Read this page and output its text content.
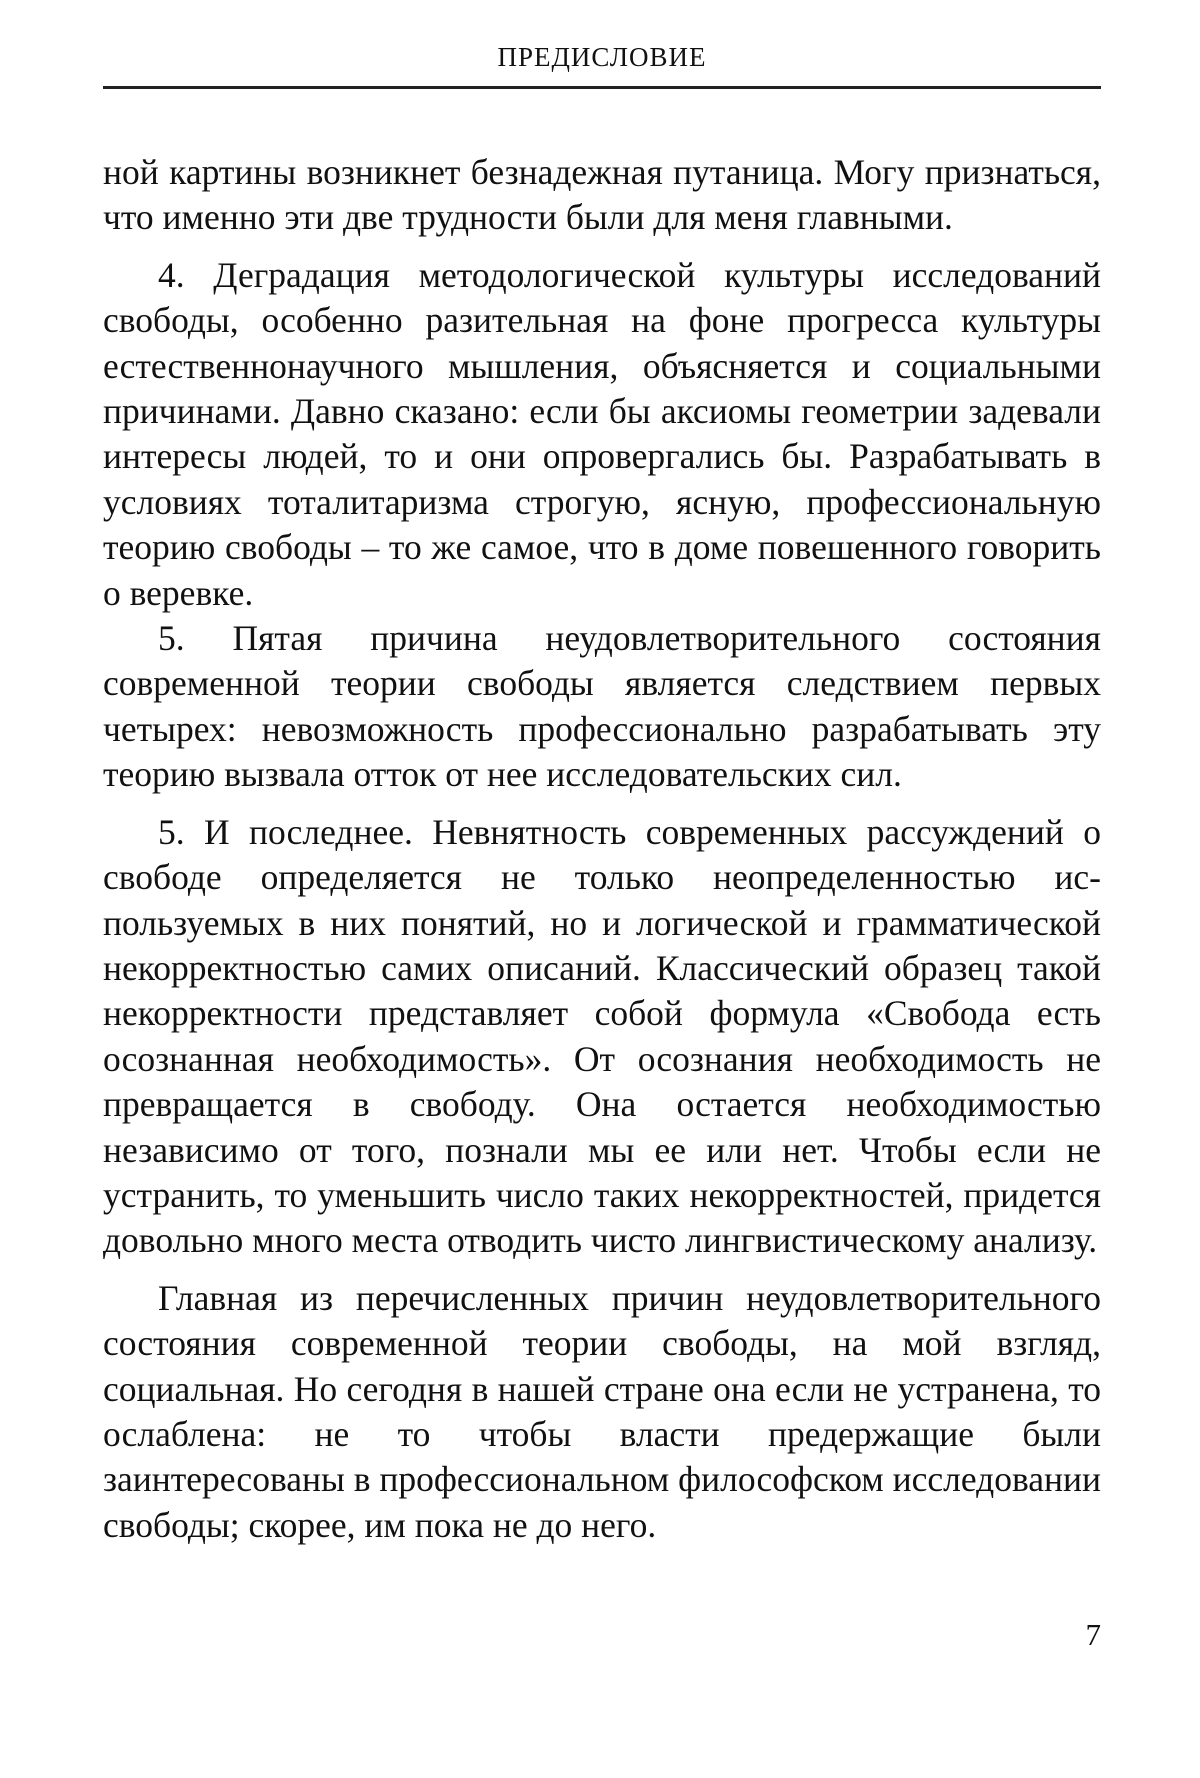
ПРЕДИСЛОВИЕ

ной картины возникнет безнадежная путаница. Могу признаться, что именно эти две трудности были для меня главными.

4. Деградация методологической культуры исследований свободы, особенно разительная на фоне прогресса культуры естественнонаучного мышления, объясняется и социальными причинами. Давно сказано: если бы аксиомы геометрии задевали интересы людей, то и они опровергались бы. Разрабатывать в условиях тоталитаризма строгую, ясную, профессиональную теорию свободы – то же самое, что в доме повешенного говорить о веревке.

5. Пятая причина неудовлетворительного состояния современной теории свободы является следствием первых четырех: невозможность профессионально разрабатывать эту теорию вызвала отток от нее исследовательских сил.

5. И последнее. Невнятность современных рассуждений о свободе определяется не только неопределенностью используемых в них понятий, но и логической и грамматической некорректностью самих описаний. Классический образец такой некорректности представляет собой формула «Свобода есть осознанная необходимость». От осознания необходимость не превращается в свободу. Она остается необходимостью независимо от того, познали мы ее или нет. Чтобы если не устранить, то уменьшить число таких некорректностей, придется довольно много места отводить чисто лингвистическому анализу.

Главная из перечисленных причин неудовлетворительного состояния современной теории свободы, на мой взгляд, социальная. Но сегодня в нашей стране она если не устранена, то ослаблена: не то чтобы власти предержащие были заинтересованы в профессиональном философском исследовании свободы; скорее, им пока не до него.

7
